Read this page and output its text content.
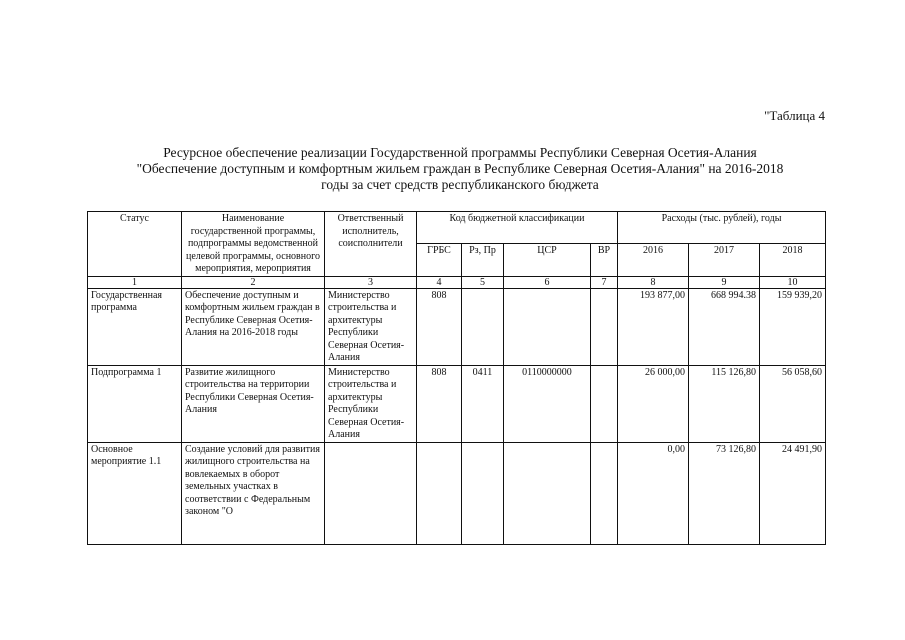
"Таблица 4
Ресурсное обеспечение реализации Государственной программы Республики Северная Осетия-Алания
"Обеспечение доступным и комфортным жильем граждан в Республике Северная Осетия-Алания" на 2016-2018
годы за счет средств республиканского бюджета
Статус	Наименование государственной программы, подпрограммы ведомственной целевой программы, основного мероприятия, мероприятия	Ответственный исполнитель, соисполнители	Код бюджетной классификации				Расходы (тыс. рублей), годы		
			ГРБС	Рз, Пр	ЦСР	ВР	2016	2017	2018
1	2	3	4	5	6	7	8	9	10
Государственная программа	Обеспечение доступным и комфортным жильем граждан в Республике Северная Осетия-Алания на 2016-2018 годы	Министерство строительства и архитектуры Республики Северная Осетия-Алания	808				193 877,00	668 994.38	159 939,20
Подпрограмма 1	Развитие жилищного строительства на территории Республики Северная Осетия-Алания	Министерство строительства и архитектуры Республики Северная Осетия-Алания	808	0411	0110000000		26 000,00	115 126,80	56 058,60
Основное мероприятие 1.1	Создание условий для развития жилищного строительства на вовлекаемых в оборот земельных участках в соответствии с Федеральным законом "О						0,00	73 126,80	24 491,90
